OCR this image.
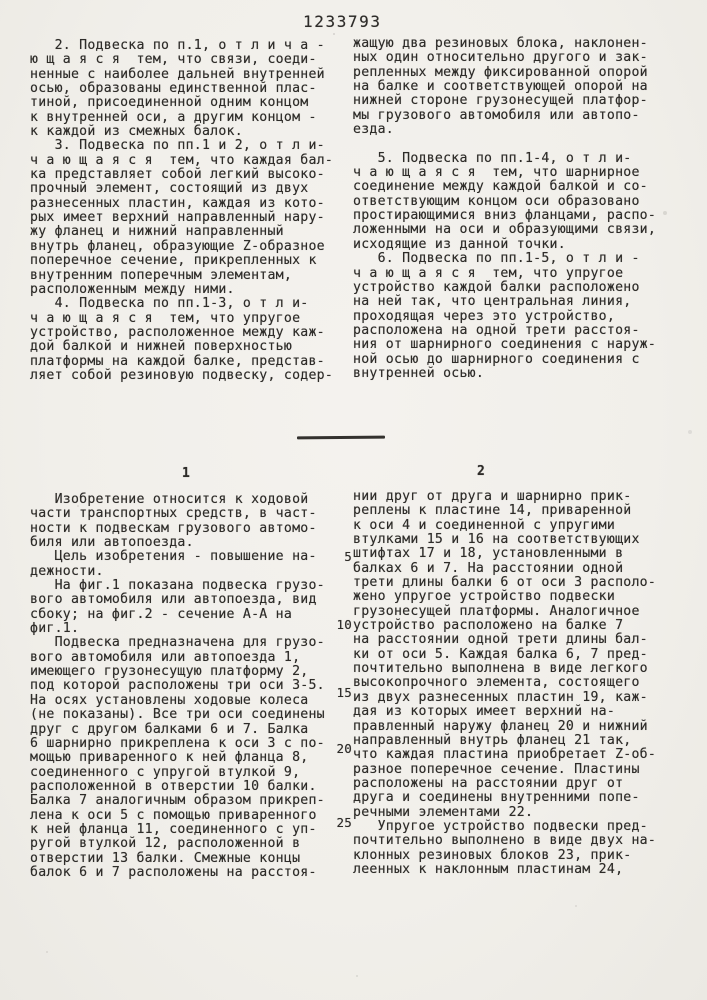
1233793
2. Подвеска по п.1, о т л и ч а -
ю щ а я с я  тем, что связи, соеди-
ненные с наиболее дальней внутренней
осью, образованы единственной плас-
тиной, присоединенной одним концом
к внутренней оси, а другим концом -
к каждой из смежных балок.
3. Подвеска по пп.1 и 2, о т л и-
ч а ю щ а я с я  тем, что каждая бал-
ка представляет собой легкий высоко-
прочный элемент, состоящий из двух
разнесенных пластин, каждая из кото-
рых имеет верхний направленный нару-
жу фланец и нижний направленный
внутрь фланец, образующие Z-образное
поперечное сечение, прикрепленных к
внутренним поперечным элементам,
расположенным между ними.
4. Подвеска по пп.1-3, о т л и-
ч а ю щ а я с я  тем, что упругое
устройство, расположенное между каж-
дой балкой и нижней поверхностью
платформы на каждой балке, представ-
ляет собой резиновую подвеску, содер-
жащую два резиновых блока, наклонен-
ных один относительно другого и зак-
репленных между фиксированной опорой
на балке и соответствующей опорой на
нижней стороне грузонесущей платфор-
мы грузового автомобиля или автопо-
езда.
5. Подвеска по пп.1-4, о т л и-
ч а ю щ а я с я  тем, что шарнирное
соединение между каждой балкой и со-
ответствующим концом оси образовано
простирающимися вниз фланцами, распо-
ложенными на оси и образующими связи,
исходящие из данной точки.
6. Подвеска по пп.1-5, о т л и -
ч а ю щ а я с я  тем, что упругое
устройство каждой балки расположено
на ней так, что центральная линия,
проходящая через это устройство,
расположена на одной трети расстоя-
ния от шарнирного соединения с наруж-
ной осью до шарнирного соединения с
внутренней осью.
1	2
Изобретение относится к ходовой
части транспортных средств, в част-
ности к подвескам грузового автомо-
биля или автопоезда.
Цель изобретения - повышение на-
дежности.
На фиг.1 показана подвеска грузо-
вого автомобиля или автопоезда, вид
сбоку; на фиг.2 - сечение А-А на
фиг.1.
Подвеска предназначена для грузо-
вого автомобиля или автопоезда 1,
имеющего грузонесущую платформу 2,
под которой расположены три оси 3-5.
На осях установлены ходовые колеса
(не показаны). Все три оси соединены
друг с другом балками 6 и 7. Балка
6 шарнирно прикреплена к оси 3 с по-
мощью приваренного к ней фланца 8,
соединенного с упругой втулкой 9,
расположенной в отверстии 10 балки.
Балка 7 аналогичным образом прикреп-
лена к оси 5 с помощью приваренного
к ней фланца 11, соединенного с уп-
ругой втулкой 12, расположенной в
отверстии 13 балки. Смежные концы
балок 6 и 7 расположены на расстоя-
нии друг от друга и шарнирно прик-
реплены к пластине 14, приваренной
к оси 4 и соединенной с упругими
втулками 15 и 16 на соответствующих
штифтах 17 и 18, установленными в
балках 6 и 7. На расстоянии одной
трети длины балки 6 от оси 3 располо-
жено упругое устройство подвески
грузонесущей платформы. Аналогичное
устройство расположено на балке 7
на расстоянии одной трети длины бал-
ки от оси 5. Каждая балка 6, 7 пред-
почтительно выполнена в виде легкого
высокопрочного элемента, состоящего
из двух разнесенных пластин 19, каж-
дая из которых имеет верхний на-
правленный наружу фланец 20 и нижний
направленный внутрь фланец 21 так,
что каждая пластина приобретает Z-об-
разное поперечное сечение. Пластины
расположены на расстоянии друг от
друга и соединены внутренними попе-
речными элементами 22.
Упругое устройство подвески пред-
почтительно выполнено в виде двух на-
клонных резиновых блоков 23, прик-
леенных к наклонным пластинам 24,
5
10
15
20
25
